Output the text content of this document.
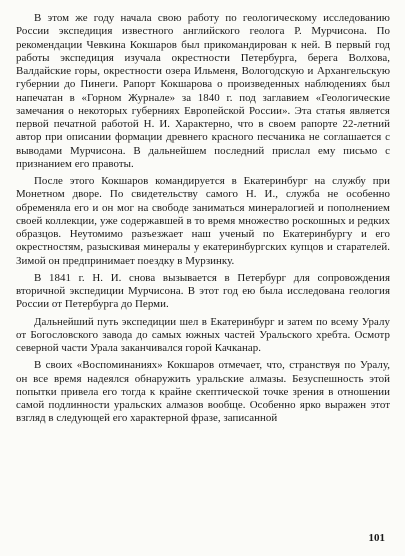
В этом же году начала свою работу по геологическому исследованию России экспедиция известного английского геолога Р. Мурчисона. По рекомендации Чевкина Кокшаров был прикомандирован к ней. В первый год работы экспедиция изучала окрестности Петербурга, берега Волхова, Валдайские горы, окрестности озера Ильменя, Вологодскую и Архангельскую губернии до Пинеги. Рапорт Кокшарова о произведенных наблюдениях был напечатан в «Горном Журнале» за 1840 г. под заглавием «Геологические замечания о некоторых губерниях Европейской России». Эта статья является первой печатной работой Н. И. Характерно, что в своем рапорте 22-летний автор при описании формации древнего красного песчаника не соглашается с выводами Мурчисона. В дальнейшем последний прислал ему письмо с признанием его правоты.

После этого Кокшаров командируется в Екатеринбург на службу при Монетном дворе. По свидетельству самого Н. И., служба не особенно обременяла его и он мог на свободе заниматься минералогией и пополнением своей коллекции, уже содержавшей в то время множество роскошных и редких образцов. Неутомимо разъезжает наш ученый по Екатеринбургу и его окрестностям, разыскивая минералы у екатеринбургских купцов и старателей. Зимой он предпринимает поездку в Мурзинку.

В 1841 г. Н. И. снова вызывается в Петербург для сопровождения вторичной экспедиции Мурчисона. В этот год ею была исследована геология России от Петербурга до Перми.

Дальнейший путь экспедиции шел в Екатеринбург и затем по всему Уралу от Богословского завода до самых южных частей Уральского хребта. Осмотр северной части Урала заканчивался горой Качканар.

В своих «Воспоминаниях» Кокшаров отмечает, что, странствуя по Уралу, он все время надеялся обнаружить уральские алмазы. Безуспешность этой попытки привела его тогда к крайне скептической точке зрения в отношении самой подлинности уральских алмазов вообще. Особенно ярко выражен этот взгляд в следующей его характерной фразе, записанной

101
